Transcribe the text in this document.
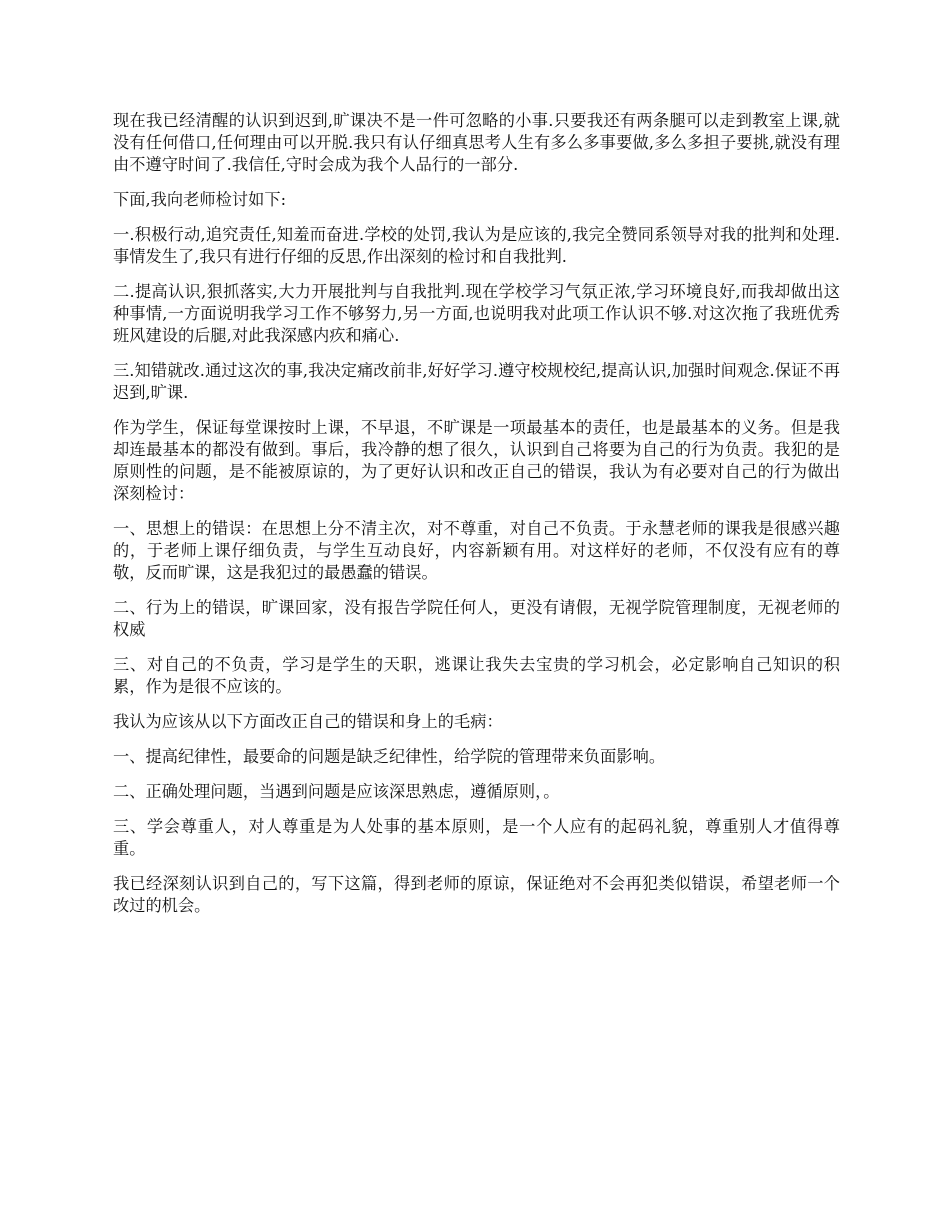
现在我已经清醒的认识到迟到,旷课决不是一件可忽略的小事.只要我还有两条腿可以走到教室上课,就没有任何借口,任何理由可以开脱.我只有认仔细真思考人生有多么多事要做,多么多担子要挑,就没有理由不遵守时间了.我信任,守时会成为我个人品行的一部分.

下面,我向老师检讨如下:

一.积极行动,追究责任,知羞而奋进.学校的处罚,我认为是应该的,我完全赞同系领导对我的批判和处理.事情发生了,我只有进行仔细的反思,作出深刻的检讨和自我批判.

二.提高认识,狠抓落实,大力开展批判与自我批判.现在学校学习气氛正浓,学习环境良好,而我却做出这种事情,一方面说明我学习工作不够努力,另一方面,也说明我对此项工作认识不够.对这次拖了我班优秀班风建设的后腿,对此我深感内疚和痛心.

三.知错就改.通过这次的事,我决定痛改前非,好好学习.遵守校规校纪,提高认识,加强时间观念.保证不再迟到,旷课.

作为学生，保证每堂课按时上课，不早退，不旷课是一项最基本的责任，也是最基本的义务。但是我却连最基本的都没有做到。事后，我冷静的想了很久，认识到自己将要为自己的行为负责。我犯的是原则性的问题，是不能被原谅的，为了更好认识和改正自己的错误，我认为有必要对自己的行为做出深刻检讨：

一、思想上的错误：在思想上分不清主次，对不尊重，对自己不负责。于永慧老师的课我是很感兴趣的，于老师上课仔细负责，与学生互动良好，内容新颖有用。对这样好的老师，不仅没有应有的尊敬，反而旷课，这是我犯过的最愚蠢的错误。

二、行为上的错误，旷课回家，没有报告学院任何人，更没有请假，无视学院管理制度，无视老师的权威

三、对自己的不负责，学习是学生的天职，逃课让我失去宝贵的学习机会，必定影响自己知识的积累，作为是很不应该的。

我认为应该从以下方面改正自己的错误和身上的毛病：

一、提高纪律性，最要命的问题是缺乏纪律性，给学院的管理带来负面影响。

二、正确处理问题，当遇到问题是应该深思熟虑，遵循原则，。

三、学会尊重人，对人尊重是为人处事的基本原则，是一个人应有的起码礼貌，尊重别人才值得尊重。

我已经深刻认识到自己的，写下这篇，得到老师的原谅，保证绝对不会再犯类似错误，希望老师一个改过的机会。
